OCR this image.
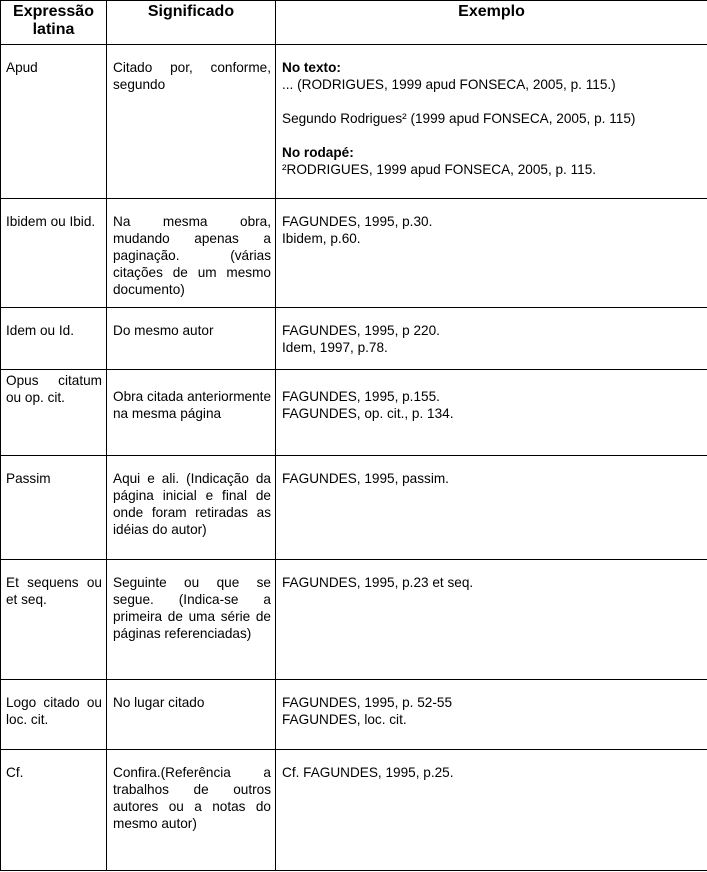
Expressão latina	Significado	Exemplo
Apud	Citado por, conforme, segundo	No texto:
... (RODRIGUES, 1999 apud FONSECA, 2005, p. 115.)
Segundo Rodrigues² (1999 apud FONSECA, 2005, p. 115)
No rodapé:
²RODRIGUES, 1999 apud FONSECA, 2005, p. 115.

Ibidem ou Ibid.	Na mesma obra, mudando apenas a paginação. (várias citações de um mesmo documento)	FAGUNDES, 1995, p.30.
Ibidem, p.60.

Idem ou Id.	Do mesmo autor	FAGUNDES, 1995, p 220.
Idem, 1997, p.78.

Opus citatum ou op. cit.	Obra citada anteriormente na mesma página	FAGUNDES, 1995, p.155.
FAGUNDES, op. cit., p. 134.

Passim	Aqui e ali. (Indicação da página inicial e final de onde foram retiradas as idéias do autor)	FAGUNDES, 1995, passim.

Et sequens ou et seq.	Seguinte ou que se segue. (Indica-se a primeira de uma série de páginas referenciadas)	FAGUNDES, 1995, p.23 et seq.

Logo citado ou loc. cit.	No lugar citado	FAGUNDES, 1995, p. 52-55
FAGUNDES, loc. cit.

Cf.	Confira.(Referência a trabalhos de outros autores ou a notas do mesmo autor)	Cf. FAGUNDES, 1995, p.25.
